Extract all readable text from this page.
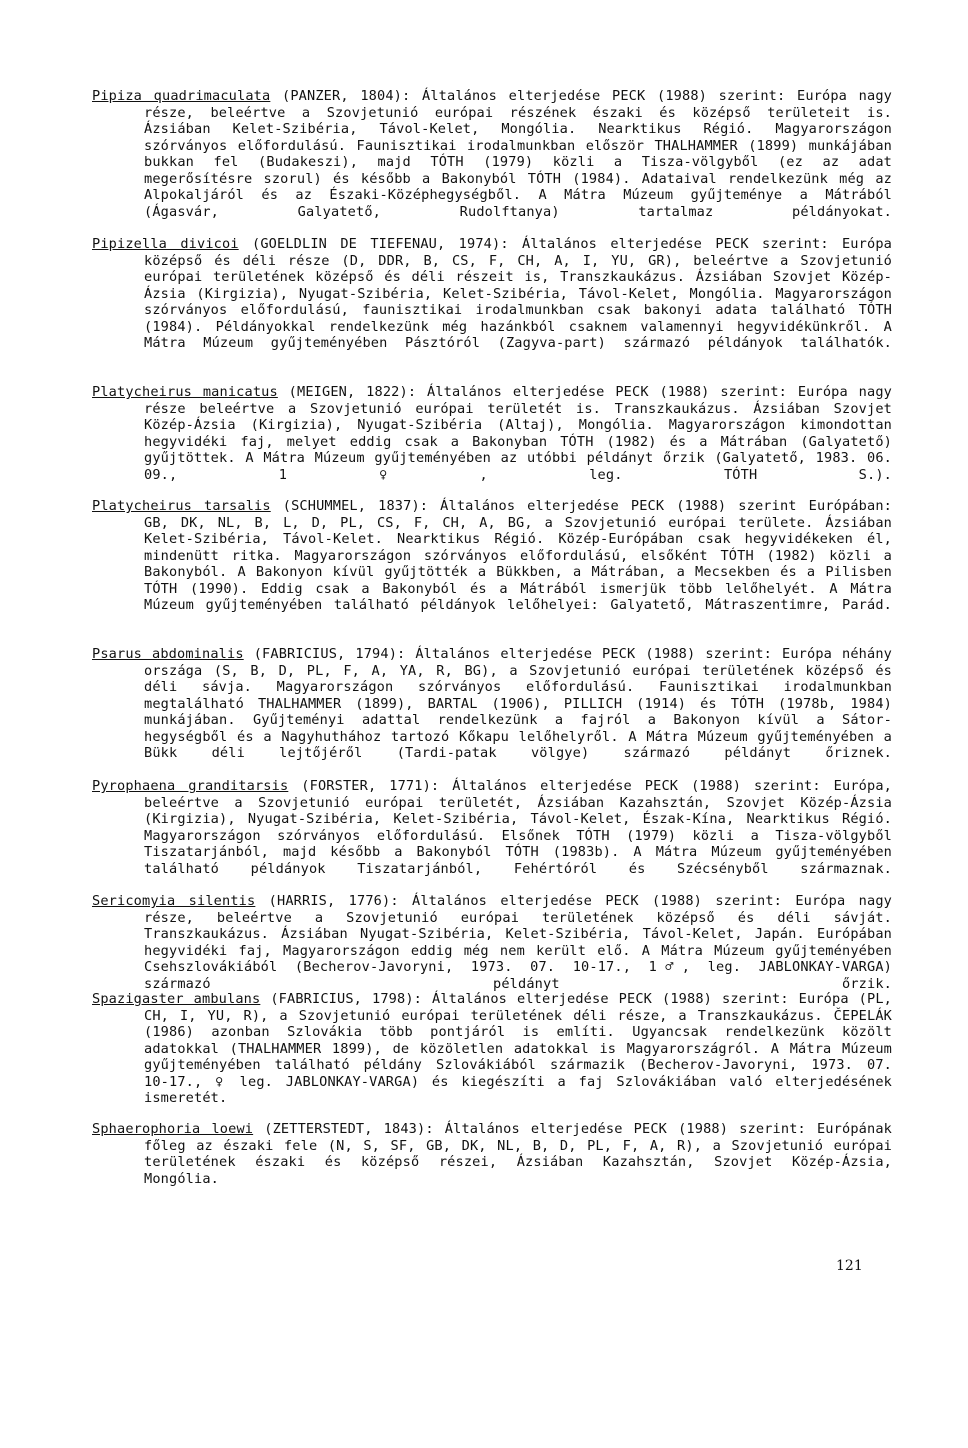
Pipiza quadrimaculata (PANZER, 1804): Általános elterjedése PECK (1988) szerint: Európa nagy része, beleértve a Szovjetunió európai részének északi és középső területeit is. Ázsiában Kelet-Szibéria, Távol-Kelet, Mongólia. Nearktikus Régió. Magyarországon szórványos előfordulású. Faunisztikai irodalmunkban először THALHAMMER (1899) munkájában bukkan fel (Budakeszi), majd TÓTH (1979) közli a Tisza-völgyből (ez az adat megerősítésre szorul) és később a Bakonyból TÓTH (1984). Adataival rendelkezünk még az Alpokaljáról és az Északi-Középhegységből. A Mátra Múzeum gyűjteménye a Mátrából (Ágasvár, Galyatető, Rudolftanya) tartalmaz példányokat.

Pipizella divicoi (GOELDLIN DE TIEFENAU, 1974): Általános elterjedése PECK szerint: Európa középső és déli része (D, DDR, B, CS, F, CH, A, I, YU, GR), beleértve a Szovjetunió európai területének középső és déli részeit is, Transzkaukázus. Ázsiában Szovjet Közép-Ázsia (Kirgizia), Nyugat-Szibéria, Kelet-Szibéria, Távol-Kelet, Mongólia. Magyarországon szórványos előfordulású, faunisztikai irodalmunkban csak bakonyi adata található TÓTH (1984). Példányokkal rendelkezünk még hazánkból csaknem valamennyi hegyvidékünkről. A Mátra Múzeum gyűjteményében Pásztóról (Zagyva-part) származó példányok találhatók.

Platycheirus manicatus (MEIGEN, 1822): Általános elterjedése PECK (1988) szerint: Európa nagy része beleértve a Szovjetunió európai területét is. Transzkaukázus. Ázsiában Szovjet Közép-Ázsia (Kirgizia), Nyugat-Szibéria (Altaj), Mongólia. Magyarországon kimondottan hegyvidéki faj, melyet eddig csak a Bakonyban TÓTH (1982) és a Mátrában (Galyatető) gyűjtöttek. A Mátra Múzeum gyűjteményében az utóbbi példányt őrzik (Galyatető, 1983. 06. 09., 1♀, leg. TÓTH S.).

Platycheirus tarsalis (SCHUMMEL, 1837): Általános elterjedése PECK (1988) szerint Európában: GB, DK, NL, B, L, D, PL, CS, F, CH, A, BG, a Szovjetunió európai területe. Ázsiában Kelet-Szibéria, Távol-Kelet. Nearktikus Régió. Közép-Európában csak hegyvidékeken él, mindenütt ritka. Magyarországon szórványos előfordulású, elsőként TÓTH (1982) közli a Bakonyból. A Bakonyon kívül gyűjtötték a Bükkben, a Mátrában, a Mecsekben és a Pilisben TÓTH (1990). Eddig csak a Bakonyból és a Mátrából ismerjük több lelőhelyét. A Mátra Múzeum gyűjteményében található példányok lelőhelyei: Galyatető, Mátraszentimre, Parád.

Psarus abdominalis (FABRICIUS, 1794): Általános elterjedése PECK (1988) szerint: Európa néhány országa (S, B, D, PL, F, A, YA, R, BG), a Szovjetunió európai területének középső és déli sávja. Magyarországon szórványos előfordulású. Faunisztikai irodalmunkban megtalálható THALHAMMER (1899), BARTAL (1906), PILLICH (1914) és TÓTH (1978b, 1984) munkájában. Gyűjteményi adattal rendelkezünk a fajról a Bakonyon kívül a Sátor-hegységből és a Nagyhuthához tartozó Kőkapu lelőhelyről. A Mátra Múzeum gyűjteményében a Bükk déli lejtőjéről (Tardi-patak völgye) származó példányt őriznek.

Pyrophaena granditarsis (FORSTER, 1771): Általános elterjedése PECK (1988) szerint: Európa, beleértve a Szovjetunió európai területét, Ázsiában Kazahsztán, Szovjet Közép-Ázsia (Kirgizia), Nyugat-Szibéria, Kelet-Szibéria, Távol-Kelet, Észak-Kína, Nearktikus Régió. Magyarországon szórványos előfordulású. Elsőnek TÓTH (1979) közli a Tisza-völgyből Tiszatarjánból, majd később a Bakonyból TÓTH (1983b). A Mátra Múzeum gyűjteményében található példányok Tiszatarjánból, Fehértóról és Szécsényből származnak.

Sericomyia silentis (HARRIS, 1776): Általános elterjedése PECK (1988) szerint: Európa nagy része, beleértve a Szovjetunió európai területének középső és déli sávját. Transzkaukázus. Ázsiában Nyugat-Szibéria, Kelet-Szibéria, Távol-Kelet, Japán. Európában hegyvidéki faj, Magyarországon eddig még nem került elő. A Mátra Múzeum gyűjteményében Csehszlovákiából (Becherov-Javoryni, 1973. 07. 10-17., 1♂, leg. JABLONKAY-VARGA) származó példányt őrzik.

Spazigaster ambulans (FABRICIUS, 1798): Általános elterjedése PECK (1988) szerint: Európa (PL, CH, I, YU, R), a Szovjetunió európai területének déli része, a Transzkaukázus. ČEPELÁK (1986) azonban Szlovákia több pontjáról is említi. Ugyancsak rendelkezünk közölt adatokkal (THALHAMMER 1899), de közöletlen adatokkal is Magyarországról. A Mátra Múzeum gyűjteményében található példány Szlovákiából származik (Becherov-Javoryni, 1973. 07. 10-17., ♀ leg. JABLONKAY-VARGA) és kiegészíti a faj Szlovákiában való elterjedésének ismeretét.

Sphaerophoria loewi (ZETTERSTEDT, 1843): Általános elterjedése PECK (1988) szerint: Európának főleg az északi fele (N, S, SF, GB, DK, NL, B, D, PL, F, A, R), a Szovjetunió európai területének északi és középső részei, Ázsiában Kazahsztán, Szovjet Közép-Ázsia, Mongólia.

121
